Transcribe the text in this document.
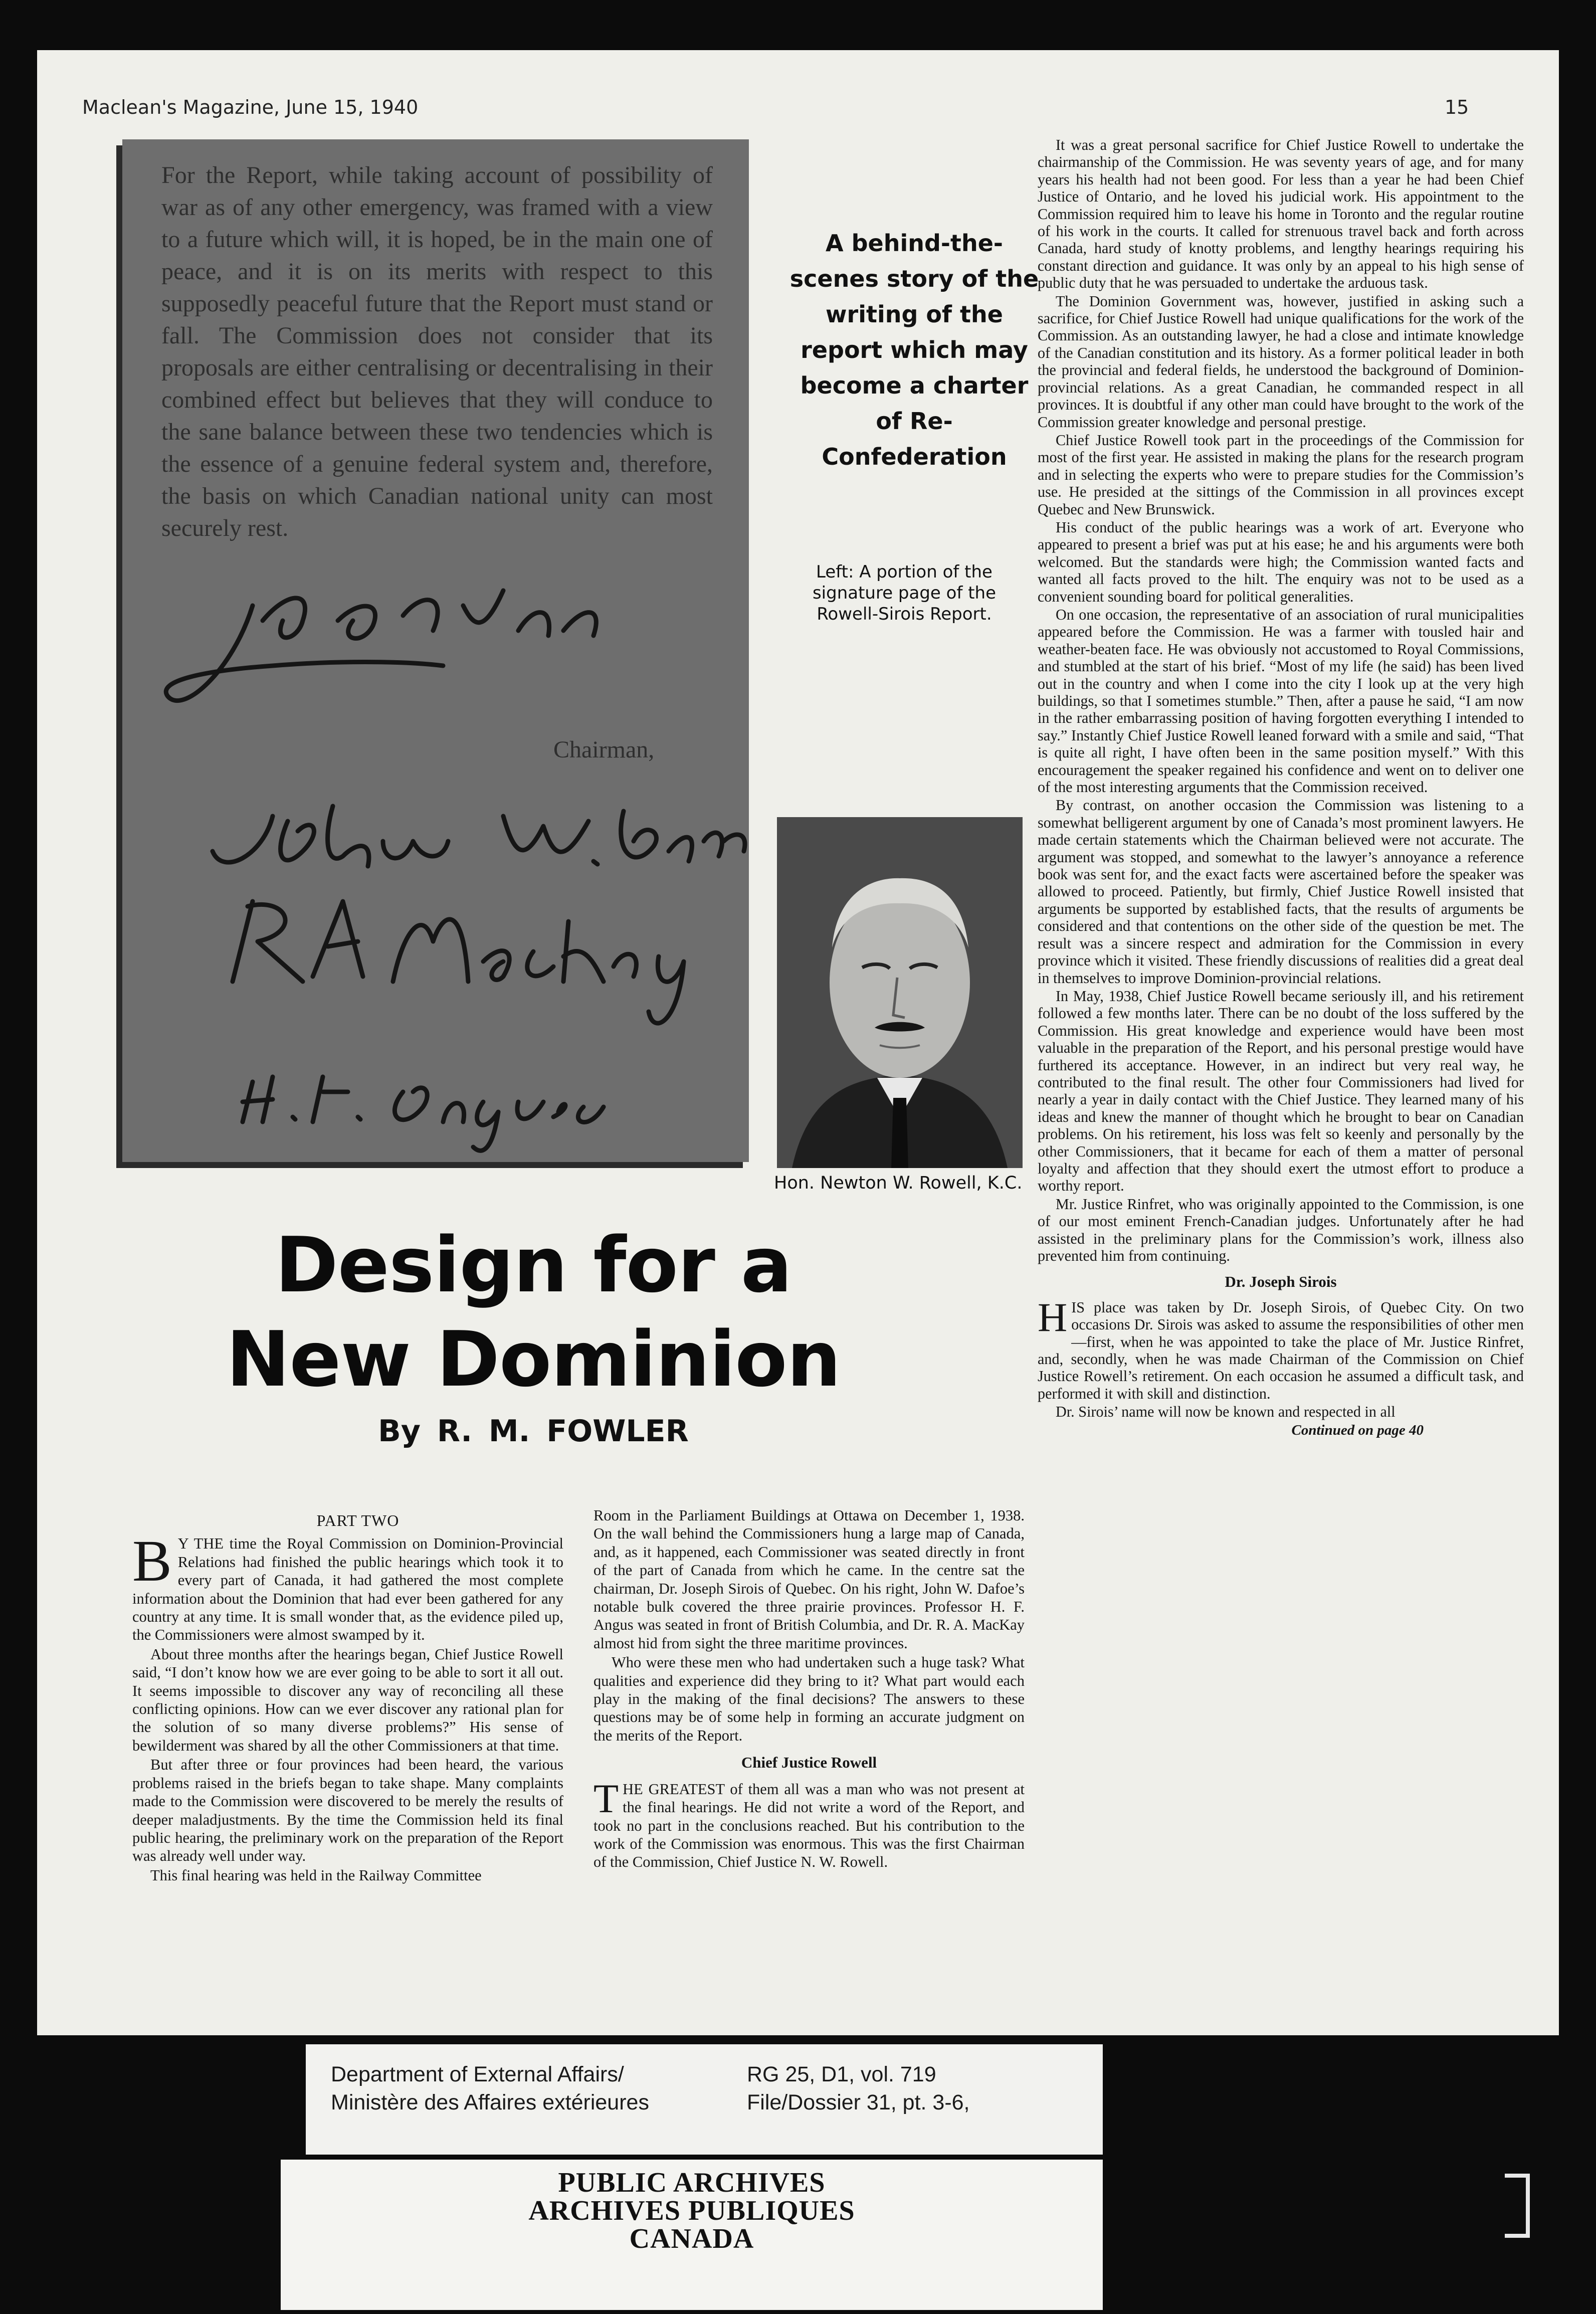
Maclean's Magazine, June 15, 1940	15
For the Report, while taking account of possibility of war as of any other emergency, was framed with a view to a future which will, it is hoped, be in the main one of peace, and it is on its merits with respect to this supposedly peaceful future that the Report must stand or fall. The Commission does not consider that its proposals are either centralising or decentralising in their combined effect but believes that they will conduce to the sane balance between these two tendencies which is the essence of a genuine federal system and, therefore, the basis on which Canadian national unity can most securely rest.
Chairman,
A behind-the-scenes story of the writing of the report which may become a charter of Re-Confederation
Left: A portion of the signature page of the Rowell-Sirois Report.
Hon. Newton W. Rowell, K.C.
Design for a
New Dominion
By R. M. FOWLER
PART TWO

B Y THE time the Royal Commission on Dominion-Provincial Relations had finished the public hearings which took it to every part of Canada, it had gathered the most complete information about the Dominion that had ever been gathered for any country at any time. It is small wonder that, as the evidence piled up, the Commissioners were almost swamped by it.

About three months after the hearings began, Chief Justice Rowell said, “I don’t know how we are ever going to be able to sort it all out. It seems impossible to discover any way of reconciling all these conflicting opinions. How can we ever discover any rational plan for the solution of so many diverse problems?” His sense of bewilderment was shared by all the other Commissioners at that time.

But after three or four provinces had been heard, the various problems raised in the briefs began to take shape. Many complaints made to the Commission were discovered to be merely the results of deeper maladjustments. By the time the Commission held its final public hearing, the preliminary work on the preparation of the Report was already well under way.

This final hearing was held in the Railway Committee

Room in the Parliament Buildings at Ottawa on December 1, 1938. On the wall behind the Commissioners hung a large map of Canada, and, as it happened, each Commissioner was seated directly in front of the part of Canada from which he came. In the centre sat the chairman, Dr. Joseph Sirois of Quebec. On his right, John W. Dafoe’s notable bulk covered the three prairie provinces. Professor H. F. Angus was seated in front of British Columbia, and Dr. R. A. MacKay almost hid from sight the three maritime provinces.

Who were these men who had undertaken such a huge task? What qualities and experience did they bring to it? What part would each play in the making of the final decisions? The answers to these questions may be of some help in forming an accurate judgment on the merits of the Report.

Chief Justice Rowell

THE GREATEST of them all was a man who was not present at the final hearings. He did not write a word of the Report, and took no part in the conclusions reached. But his contribution to the work of the Commission was enormous. This was the first Chairman of the Commission, Chief Justice N. W. Rowell.

It was a great personal sacrifice for Chief Justice Rowell to undertake the chairmanship of the Commission. He was seventy years of age, and for many years his health had not been good. For less than a year he had been Chief Justice of Ontario, and he loved his judicial work. His appointment to the Commission required him to leave his home in Toronto and the regular routine of his work in the courts. It called for strenuous travel back and forth across Canada, hard study of knotty problems, and lengthy hearings requiring his constant direction and guidance. It was only by an appeal to his high sense of public duty that he was persuaded to undertake the arduous task.

The Dominion Government was, however, justified in asking such a sacrifice, for Chief Justice Rowell had unique qualifications for the work of the Commission. As an outstanding lawyer, he had a close and intimate knowledge of the Canadian constitution and its history. As a former political leader in both the provincial and federal fields, he understood the background of Dominion-provincial relations. As a great Canadian, he commanded respect in all provinces. It is doubtful if any other man could have brought to the work of the Commission greater knowledge and personal prestige.

Chief Justice Rowell took part in the proceedings of the Commission for most of the first year. He assisted in making the plans for the research program and in selecting the experts who were to prepare studies for the Commission’s use. He presided at the sittings of the Commission in all provinces except Quebec and New Brunswick.

His conduct of the public hearings was a work of art. Everyone who appeared to present a brief was put at his ease; he and his arguments were both welcomed. But the standards were high; the Commission wanted facts and wanted all facts proved to the hilt. The enquiry was not to be used as a convenient sounding board for political generalities.

On one occasion, the representative of an association of rural municipalities appeared before the Commission. He was a farmer with tousled hair and weather-beaten face. He was obviously not accustomed to Royal Commissions, and stumbled at the start of his brief. “Most of my life (he said) has been lived out in the country and when I come into the city I look up at the very high buildings, so that I sometimes stumble.” Then, after a pause he said, “I am now in the rather embarrassing position of having forgotten everything I intended to say.” Instantly Chief Justice Rowell leaned forward with a smile and said, “That is quite all right, I have often been in the same position myself.” With this encouragement the speaker regained his confidence and went on to deliver one of the most interesting arguments that the Commission received.

By contrast, on another occasion the Commission was listening to a somewhat belligerent argument by one of Canada’s most prominent lawyers. He made certain statements which the Chairman believed were not accurate. The argument was stopped, and somewhat to the lawyer’s annoyance a reference book was sent for, and the exact facts were ascertained before the speaker was allowed to proceed. Patiently, but firmly, Chief Justice Rowell insisted that arguments be supported by established facts, that the results of arguments be considered and that contentions on the other side of the question be met. The result was a sincere respect and admiration for the Commission in every province which it visited. These friendly discussions of realities did a great deal in themselves to improve Dominion-provincial relations.

In May, 1938, Chief Justice Rowell became seriously ill, and his retirement followed a few months later. There can be no doubt of the loss suffered by the Commission. His great knowledge and experience would have been most valuable in the preparation of the Report, and his personal prestige would have furthered its acceptance. However, in an indirect but very real way, he contributed to the final result. The other four Commissioners had lived for nearly a year in daily contact with the Chief Justice. They learned many of his ideas and knew the manner of thought which he brought to bear on Canadian problems. On his retirement, his loss was felt so keenly and personally by the other Commissioners, that it became for each of them a matter of personal loyalty and affection that they should exert the utmost effort to produce a worthy report.

Mr. Justice Rinfret, who was originally appointed to the Commission, is one of our most eminent French-Canadian judges. Unfortunately after he had assisted in the preliminary plans for the Commission’s work, illness also prevented him from continuing.

Dr. Joseph Sirois

HIS place was taken by Dr. Joseph Sirois, of Quebec City. On two occasions Dr. Sirois was asked to assume the responsibilities of other men—first, when he was appointed to take the place of Mr. Justice Rinfret, and, secondly, when he was made Chairman of the Commission on Chief Justice Rowell’s retirement. On each occasion he assumed a difficult task, and performed it with skill and distinction.

Dr. Sirois’ name will now be known and respected in all

Continued on page 40
Department of External Affairs/
Ministère des Affaires extérieures
RG 25, D1, vol. 719
File/Dossier 31, pt. 3-6,
PUBLIC ARCHIVES
ARCHIVES PUBLIQUES
CANADA
